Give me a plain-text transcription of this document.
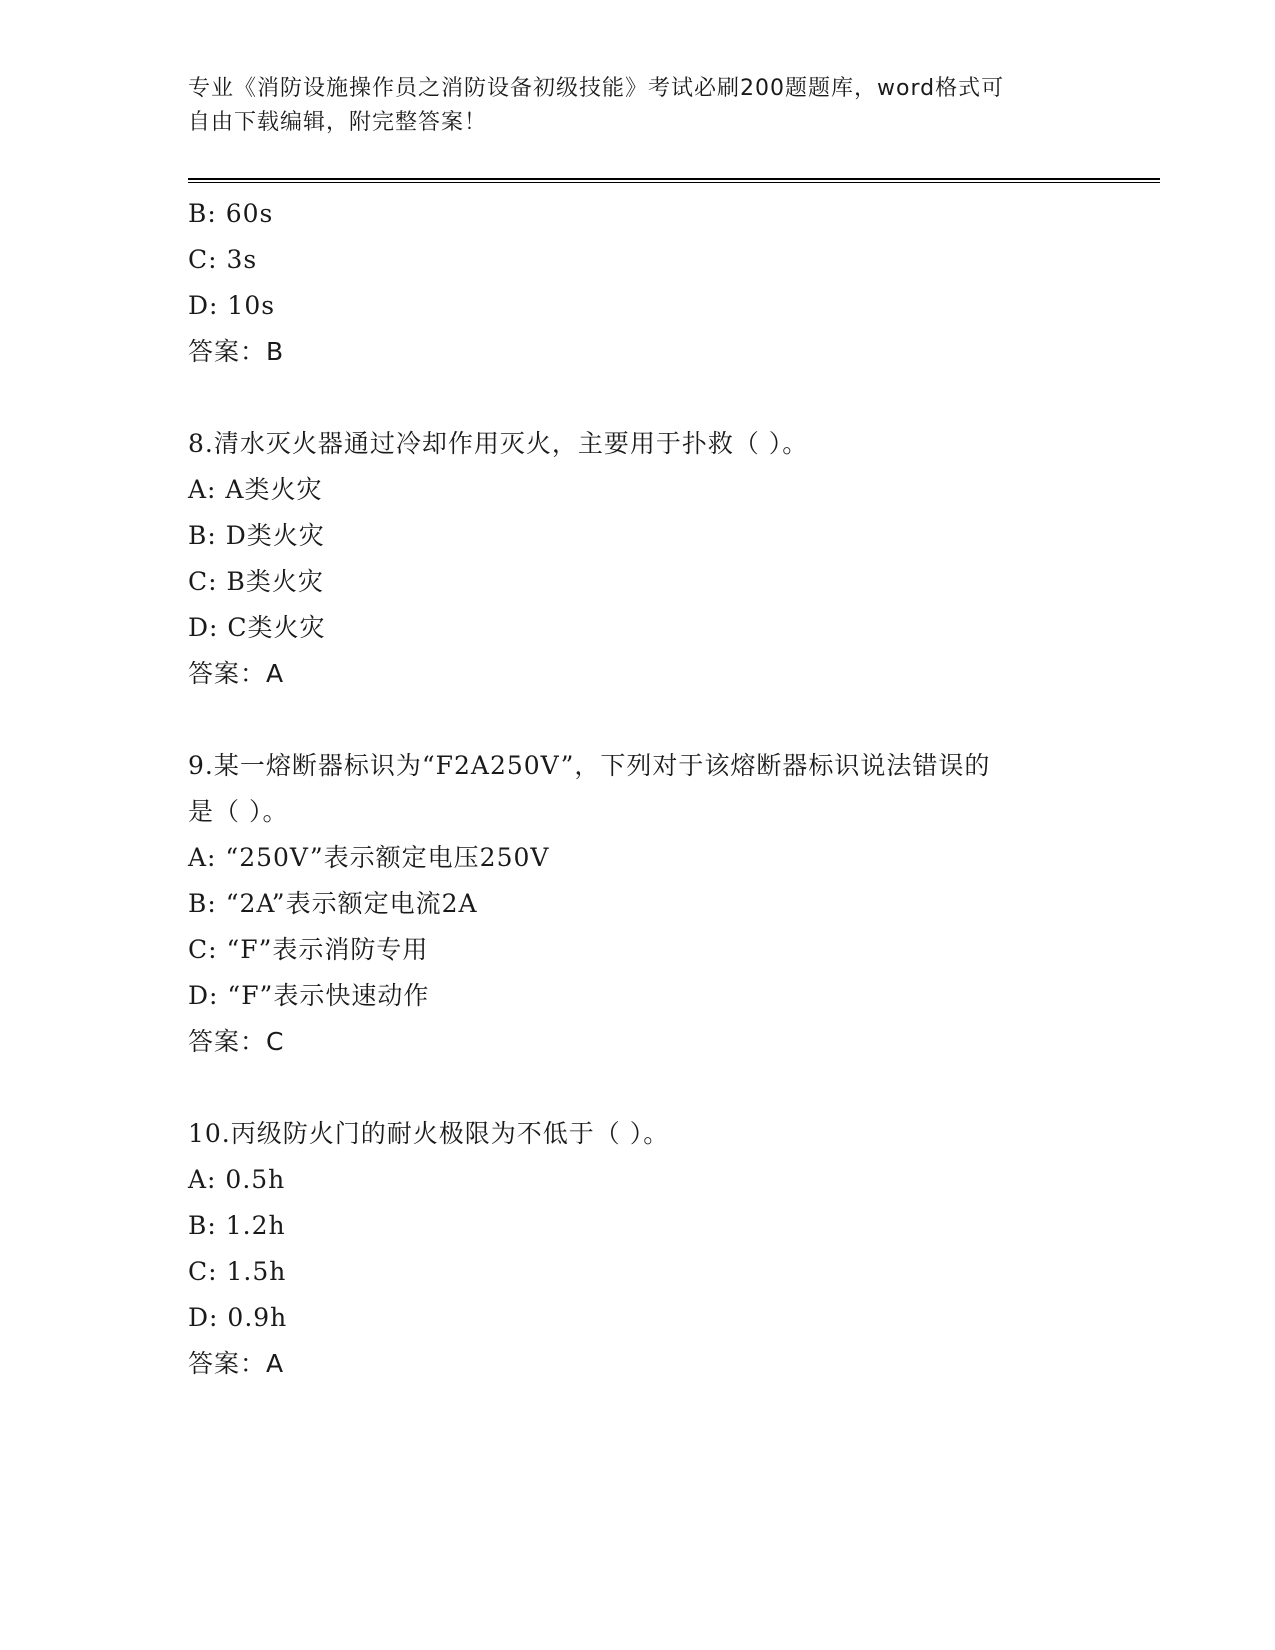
专业《消防设施操作员之消防设备初级技能》考试必刷200题题库，word格式可
自由下载编辑，附完整答案！
B: 60s
C: 3s
D: 10s
答案：B
8.清水灭火器通过冷却作用灭火，主要用于扑救（ ）。
A: A类火灾
B: D类火灾
C: B类火灾
D: C类火灾
答案：A
9.某一熔断器标识为“F2A250V”，下列对于该熔断器标识说法错误的
是（ ）。
A: “250V”表示额定电压250V
B: “2A”表示额定电流2A
C: “F”表示消防专用
D: “F”表示快速动作
答案：C
10.丙级防火门的耐火极限为不低于（ ）。
A: 0.5h
B: 1.2h
C: 1.5h
D: 0.9h
答案：A
